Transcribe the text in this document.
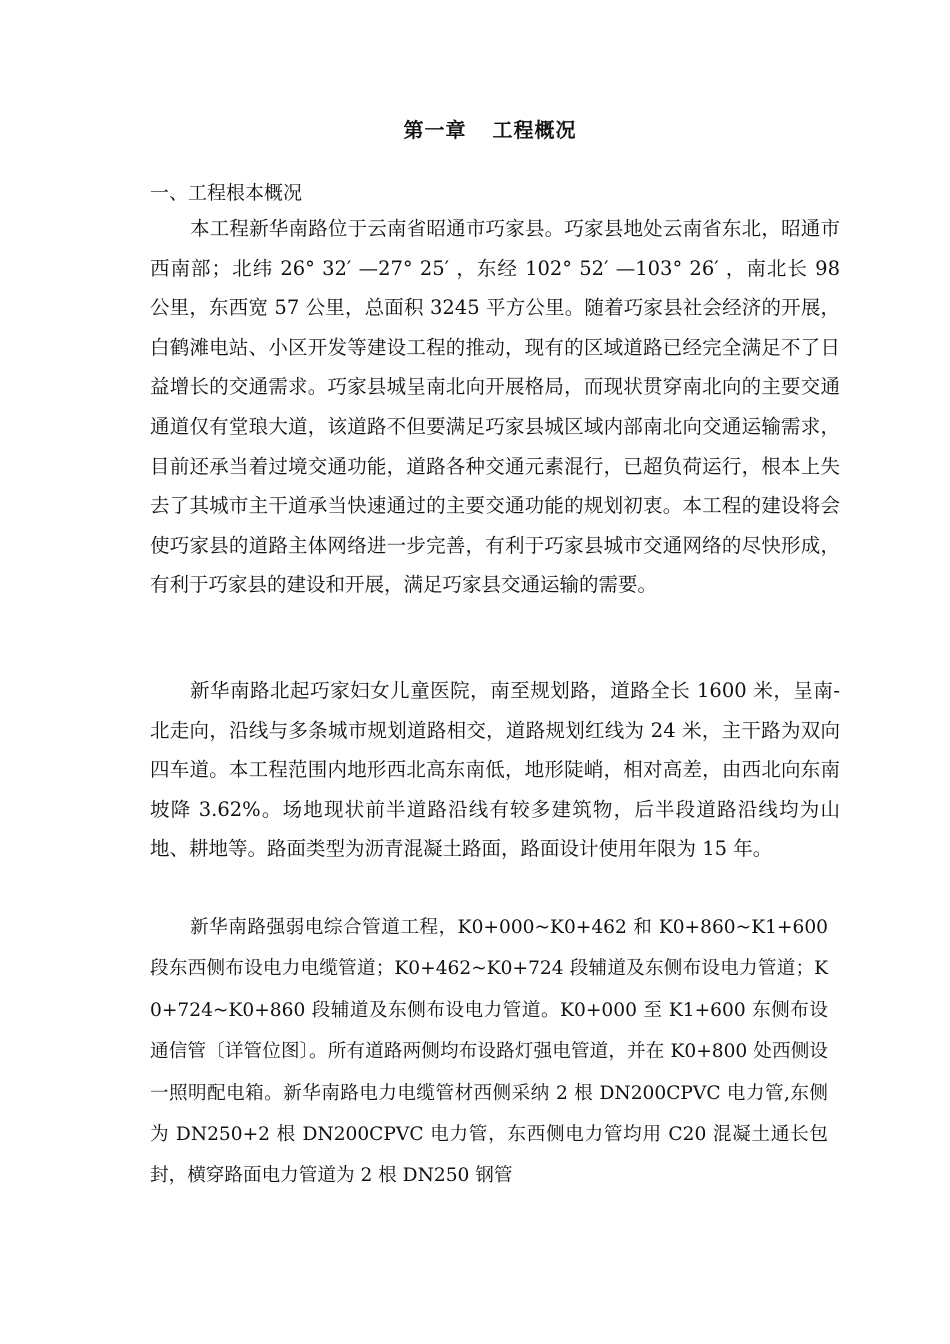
第一章 工程概况
一、工程根本概况
本工程新华南路位于云南省昭通市巧家县。巧家县地处云南省东北，昭通市西南部；北纬 26° 32′ —27° 25′ ，东经 102° 52′ —103° 26′ ，南北长 98 公里，东西宽 57 公里，总面积 3245 平方公里。随着巧家县社会经济的开展，白鹤滩电站、小区开发等建设工程的推动，现有的区域道路已经完全满足不了日益增长的交通需求。巧家县城呈南北向开展格局，而现状贯穿南北向的主要交通通道仅有堂琅大道，该道路不但要满足巧家县城区域内部南北向交通运输需求，目前还承当着过境交通功能，道路各种交通元素混行，已超负荷运行，根本上失去了其城市主干道承当快速通过的主要交通功能的规划初衷。本工程的建设将会使巧家县的道路主体网络进一步完善，有利于巧家县城市交通网络的尽快形成，有利于巧家县的建设和开展，满足巧家县交通运输的需要。
新华南路北起巧家妇女儿童医院，南至规划路，道路全长 1600 米，呈南-北走向，沿线与多条城市规划道路相交，道路规划红线为 24 米，主干路为双向四车道。本工程范围内地形西北高东南低，地形陡峭，相对高差，由西北向东南坡降 3.62%。场地现状前半道路沿线有较多建筑物，后半段道路沿线均为山地、耕地等。路面类型为沥青混凝土路面，路面设计使用年限为 15 年。
新华南路强弱电综合管道工程，K0+000~K0+462 和 K0+860~K1+600 段东西侧布设电力电缆管道；K0+462~K0+724 段辅道及东侧布设电力管道；K0+724~K0+860 段辅道及东侧布设电力管道。K0+000 至 K1+600 东侧布设通信管〔详管位图〕。所有道路两侧均布设路灯强电管道，并在 K0+800 处西侧设一照明配电箱。新华南路电力电缆管材西侧采纳 2 根 DN200CPVC 电力管,东侧为 DN250+2 根 DN200CPVC 电力管，东西侧电力管均用 C20 混凝土通长包封，横穿路面电力管道为 2 根 DN250 钢管
